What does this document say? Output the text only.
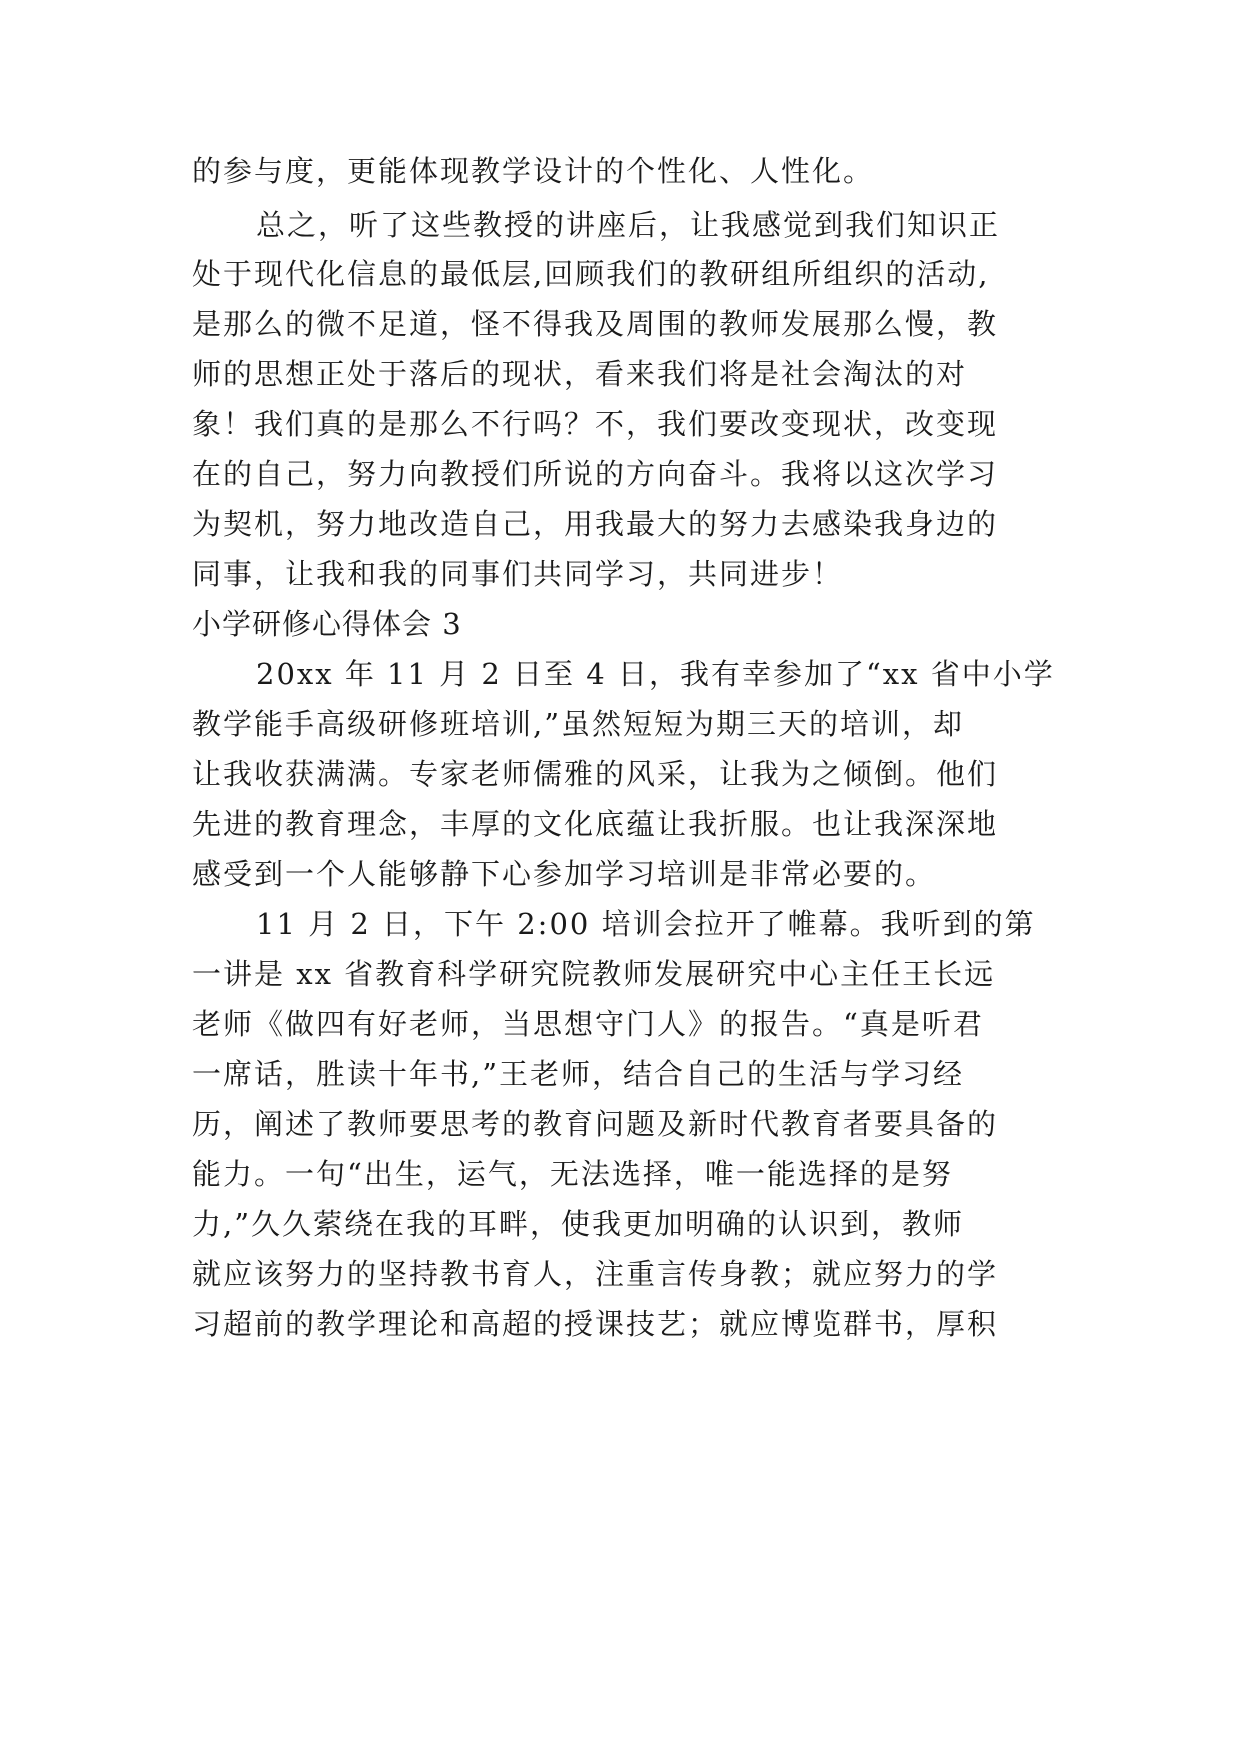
的参与度，更能体现教学设计的个性化、人性化。
总之，听了这些教授的讲座后，让我感觉到我们知识正
处于现代化信息的最低层,回顾我们的教研组所组织的活动,
是那么的微不足道，怪不得我及周围的教师发展那么慢，教
师的思想正处于落后的现状，看来我们将是社会淘汰的对
象！我们真的是那么不行吗？不，我们要改变现状，改变现
在的自己，努力向教授们所说的方向奋斗。我将以这次学习
为契机，努力地改造自己，用我最大的努力去感染我身边的
同事，让我和我的同事们共同学习，共同进步！
小学研修心得体会 3
20xx 年 11 月 2 日至 4 日，我有幸参加了“xx 省中小学
教学能手高级研修班培训,”虽然短短为期三天的培训，却
让我收获满满。专家老师儒雅的风采，让我为之倾倒。他们
先进的教育理念，丰厚的文化底蕴让我折服。也让我深深地
感受到一个人能够静下心参加学习培训是非常必要的。
11 月 2 日，下午 2:00 培训会拉开了帷幕。我听到的第
一讲是 xx 省教育科学研究院教师发展研究中心主任王长远
老师《做四有好老师，当思想守门人》的报告。“真是听君
一席话，胜读十年书,”王老师，结合自己的生活与学习经
历，阐述了教师要思考的教育问题及新时代教育者要具备的
能力。一句“出生，运气，无法选择，唯一能选择的是努
力,”久久萦绕在我的耳畔，使我更加明确的认识到，教师
就应该努力的坚持教书育人，注重言传身教；就应努力的学
习超前的教学理论和高超的授课技艺；就应博览群书，厚积
